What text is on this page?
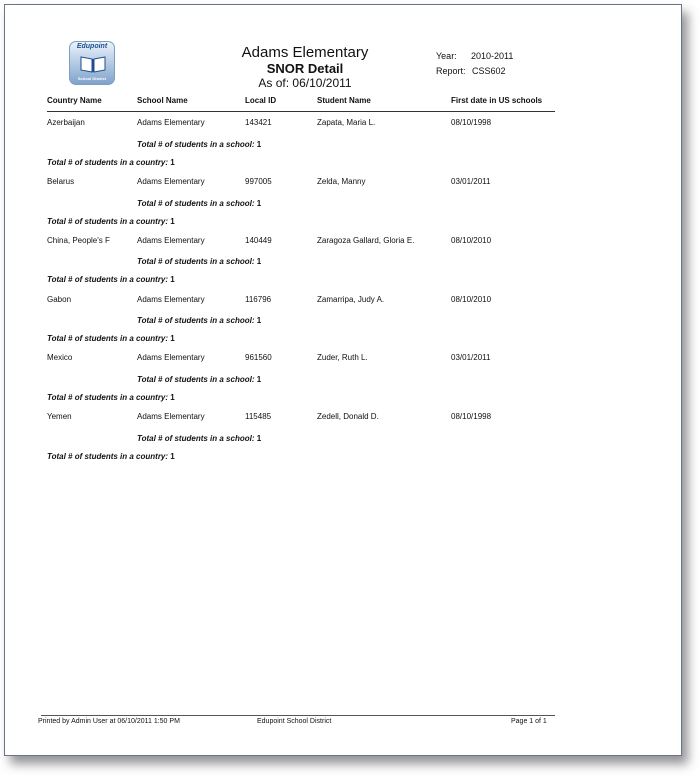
Edupoint
School District
Adams Elementary
SNOR Detail
As of: 06/10/2011
Year: 2010-2011
Report: CSS602
Country Name	School Name	Local ID	Student Name	First date in US schools
Azerbaijan	Adams Elementary	143421	Zapata, Maria L.	08/10/1998
Total # of students in a school: 1
Total # of students in a country: 1
Belarus	Adams Elementary	997005	Zelda, Manny	03/01/2011
Total # of students in a school: 1
Total # of students in a country: 1
China, People's F	Adams Elementary	140449	Zaragoza Gallard, Gloria E.	08/10/2010
Total # of students in a school: 1
Total # of students in a country: 1
Gabon	Adams Elementary	116796	Zamarripa, Judy A.	08/10/2010
Total # of students in a school: 1
Total # of students in a country: 1
Mexico	Adams Elementary	961560	Zuder, Ruth L.	03/01/2011
Total # of students in a school: 1
Total # of students in a country: 1
Yemen	Adams Elementary	115485	Zedell, Donald D.	08/10/1998
Total # of students in a school: 1
Total # of students in a country: 1
Printed by Admin User at 06/10/2011 1:50 PM	Edupoint School District	Page 1 of 1
